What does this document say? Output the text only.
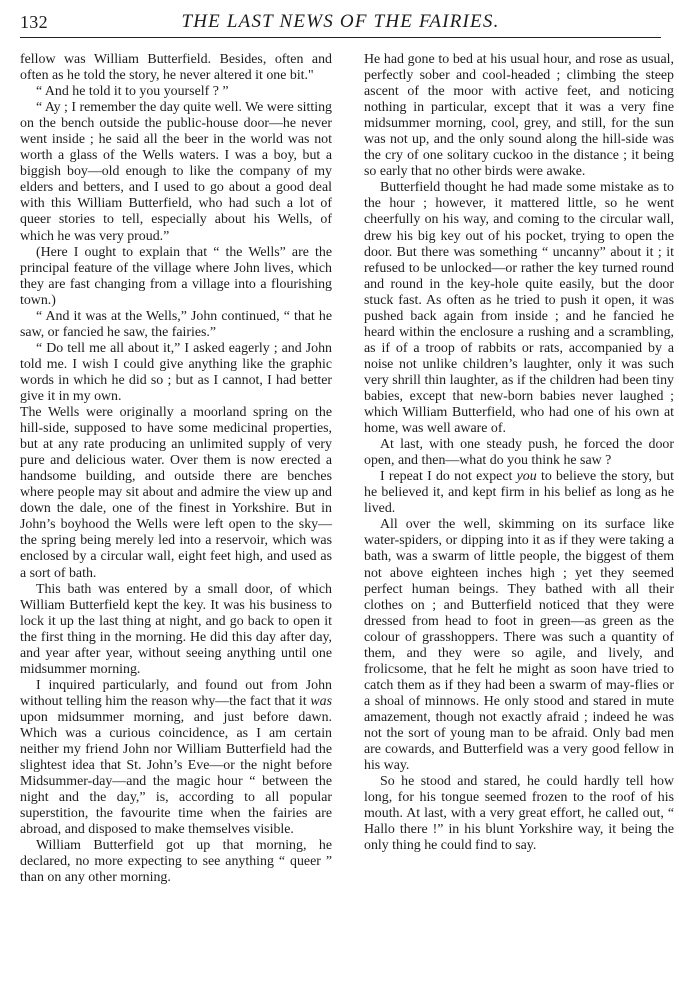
132	THE LAST NEWS OF THE FAIRIES.

fellow was William Butterfield. Besides, often and often as he told the story, he never altered it one bit."

“ And he told it to you yourself ? ”

“ Ay ; I remember the day quite well. We were sitting on the bench outside the public-house door—he never went inside ; he said all the beer in the world was not worth a glass of the Wells waters. I was a boy, but a biggish boy—old enough to like the company of my elders and betters, and I used to go about a good deal with this William Butterfield, who had such a lot of queer stories to tell, especially about his Wells, of which he was very proud.”

(Here I ought to explain that “ the Wells” are the principal feature of the village where John lives, which they are fast changing from a village into a flourishing town.)

“ And it was at the Wells,” John continued, “ that he saw, or fancied he saw, the fairies.”

“ Do tell me all about it,” I asked eagerly ; and John told me. I wish I could give anything like the graphic words in which he did so ; but as I cannot, I had better give it in my own.

The Wells were originally a moorland spring on the hill-side, supposed to have some medicinal properties, but at any rate producing an unlimited supply of very pure and delicious water. Over them is now erected a handsome building, and outside there are benches where people may sit about and admire the view up and down the dale, one of the finest in Yorkshire. But in John’s boyhood the Wells were left open to the sky—the spring being merely led into a reservoir, which was enclosed by a circular wall, eight feet high, and used as a sort of bath.

This bath was entered by a small door, of which William Butterfield kept the key. It was his business to lock it up the last thing at night, and go back to open it the first thing in the morning. He did this day after day, and year after year, without seeing anything until one midsummer morning.

I inquired particularly, and found out from John without telling him the reason why—the fact that it was upon midsummer morning, and just before dawn. Which was a curious coincidence, as I am certain neither my friend John nor William Butterfield had the slightest idea that St. John’s Eve—or the night before Midsummer-day—and the magic hour “ between the night and the day,” is, according to all popular superstition, the favourite time when the fairies are abroad, and disposed to make themselves visible.

William Butterfield got up that morning, he declared, no more expecting to see anything “ queer ” than on any other morning.

He had gone to bed at his usual hour, and rose as usual, perfectly sober and cool-headed ; climbing the steep ascent of the moor with active feet, and noticing nothing in particular, except that it was a very fine midsummer morning, cool, grey, and still, for the sun was not up, and the only sound along the hill-side was the cry of one solitary cuckoo in the distance ; it being so early that no other birds were awake.

Butterfield thought he had made some mistake as to the hour ; however, it mattered little, so he went cheerfully on his way, and coming to the circular wall, drew his big key out of his pocket, trying to open the door. But there was something “ uncanny” about it ; it refused to be unlocked—or rather the key turned round and round in the key-hole quite easily, but the door stuck fast. As often as he tried to push it open, it was pushed back again from inside ; and he fancied he heard within the enclosure a rushing and a scrambling, as if of a troop of rabbits or rats, accompanied by a noise not unlike children’s laughter, only it was such very shrill thin laughter, as if the children had been tiny babies, except that new-born babies never laughed ; which William Butterfield, who had one of his own at home, was well aware of.

At last, with one steady push, he forced the door open, and then—what do you think he saw ?

I repeat I do not expect you to believe the story, but he believed it, and kept firm in his belief as long as he lived.

All over the well, skimming on its surface like water-spiders, or dipping into it as if they were taking a bath, was a swarm of little people, the biggest of them not above eighteen inches high ; yet they seemed perfect human beings. They bathed with all their clothes on ; and Butterfield noticed that they were dressed from head to foot in green—as green as the colour of grasshoppers. There was such a quantity of them, and they were so agile, and lively, and frolicsome, that he felt he might as soon have tried to catch them as if they had been a swarm of may-flies or a shoal of minnows. He only stood and stared in mute amazement, though not exactly afraid ; indeed he was not the sort of young man to be afraid. Only bad men are cowards, and Butterfield was a very good fellow in his way.

So he stood and stared, he could hardly tell how long, for his tongue seemed frozen to the roof of his mouth. At last, with a very great effort, he called out, “ Hallo there !” in his blunt Yorkshire way, it being the only thing he could find to say.
